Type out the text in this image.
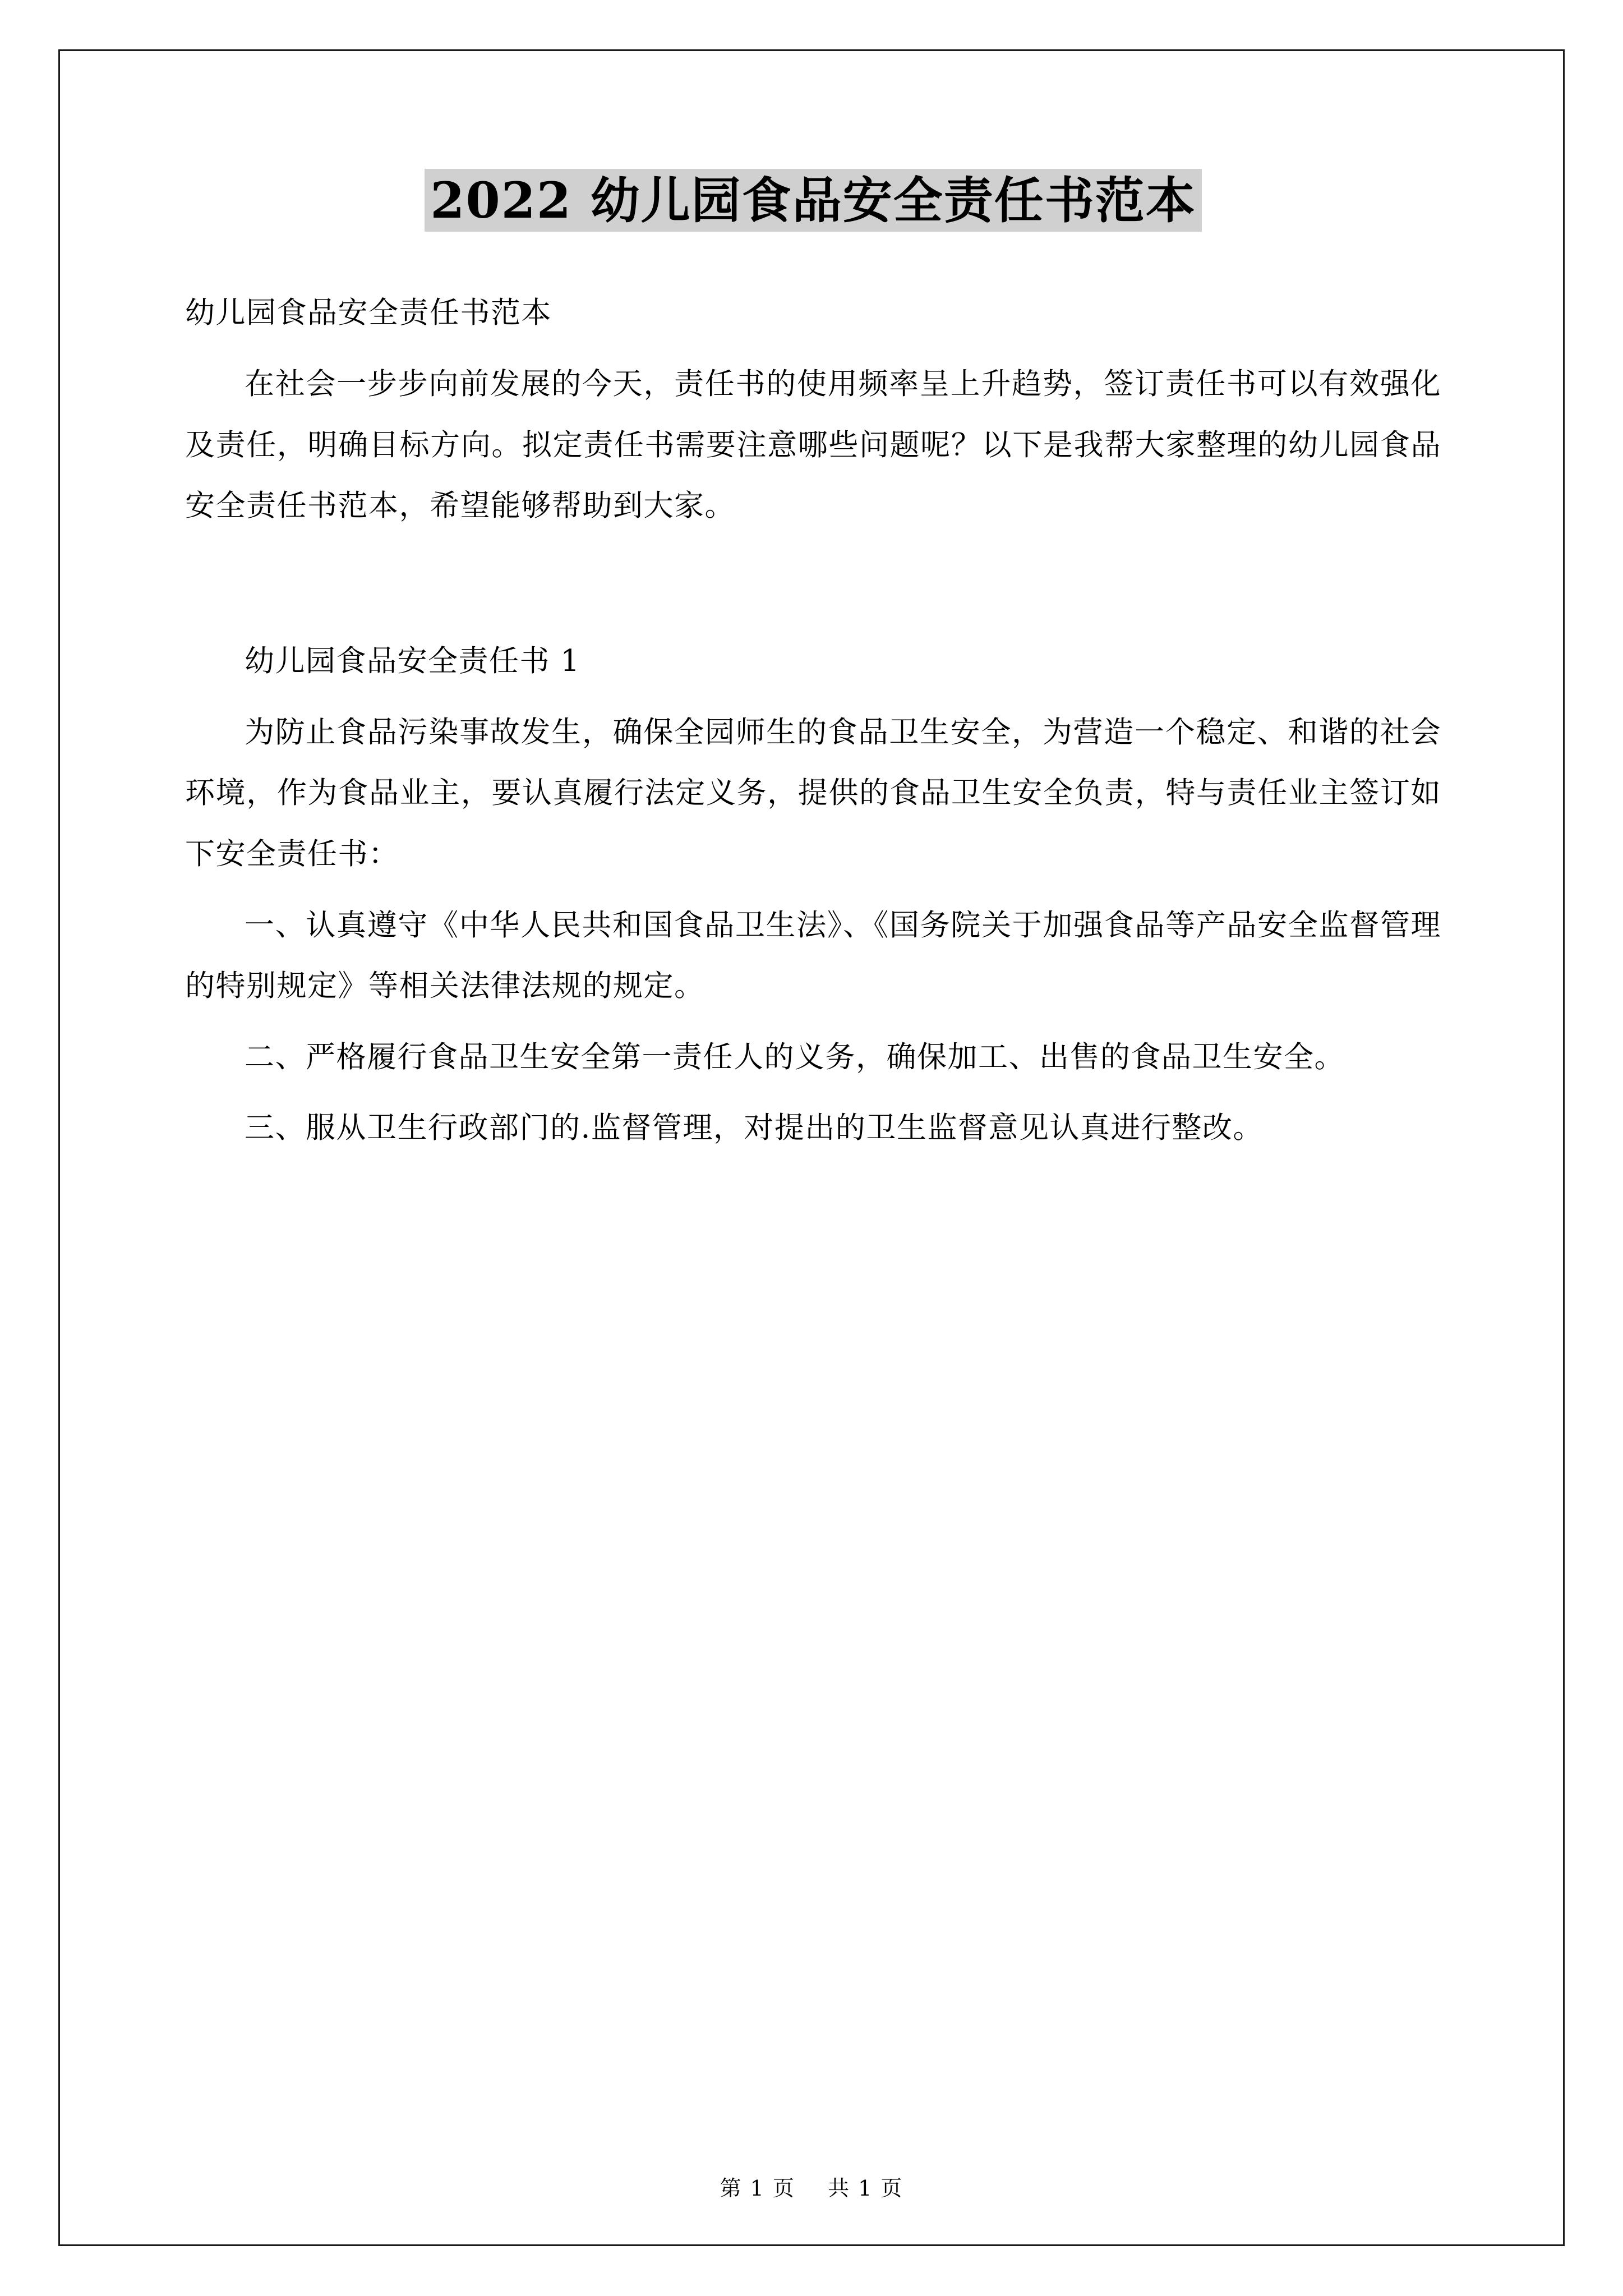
2022 幼儿园食品安全责任书范本

幼儿园食品安全责任书范本

在社会一步步向前发展的今天，责任书的使用频率呈上升趋势，签订责任书可以有效强化及责任，明确目标方向。拟定责任书需要注意哪些问题呢？以下是我帮大家整理的幼儿园食品安全责任书范本，希望能够帮助到大家。

幼儿园食品安全责任书 1

为防止食品污染事故发生，确保全园师生的食品卫生安全，为营造一个稳定、和谐的社会环境，作为食品业主，要认真履行法定义务，提供的食品卫生安全负责，特与责任业主签订如下安全责任书：

一、认真遵守《中华人民共和国食品卫生法》、《国务院关于加强食品等产品安全监督管理的特别规定》等相关法律法规的规定。

二、严格履行食品卫生安全第一责任人的义务，确保加工、出售的食品卫生安全。

三、服从卫生行政部门的.监督管理，对提出的卫生监督意见认真进行整改。

第 1 页 共 1 页
